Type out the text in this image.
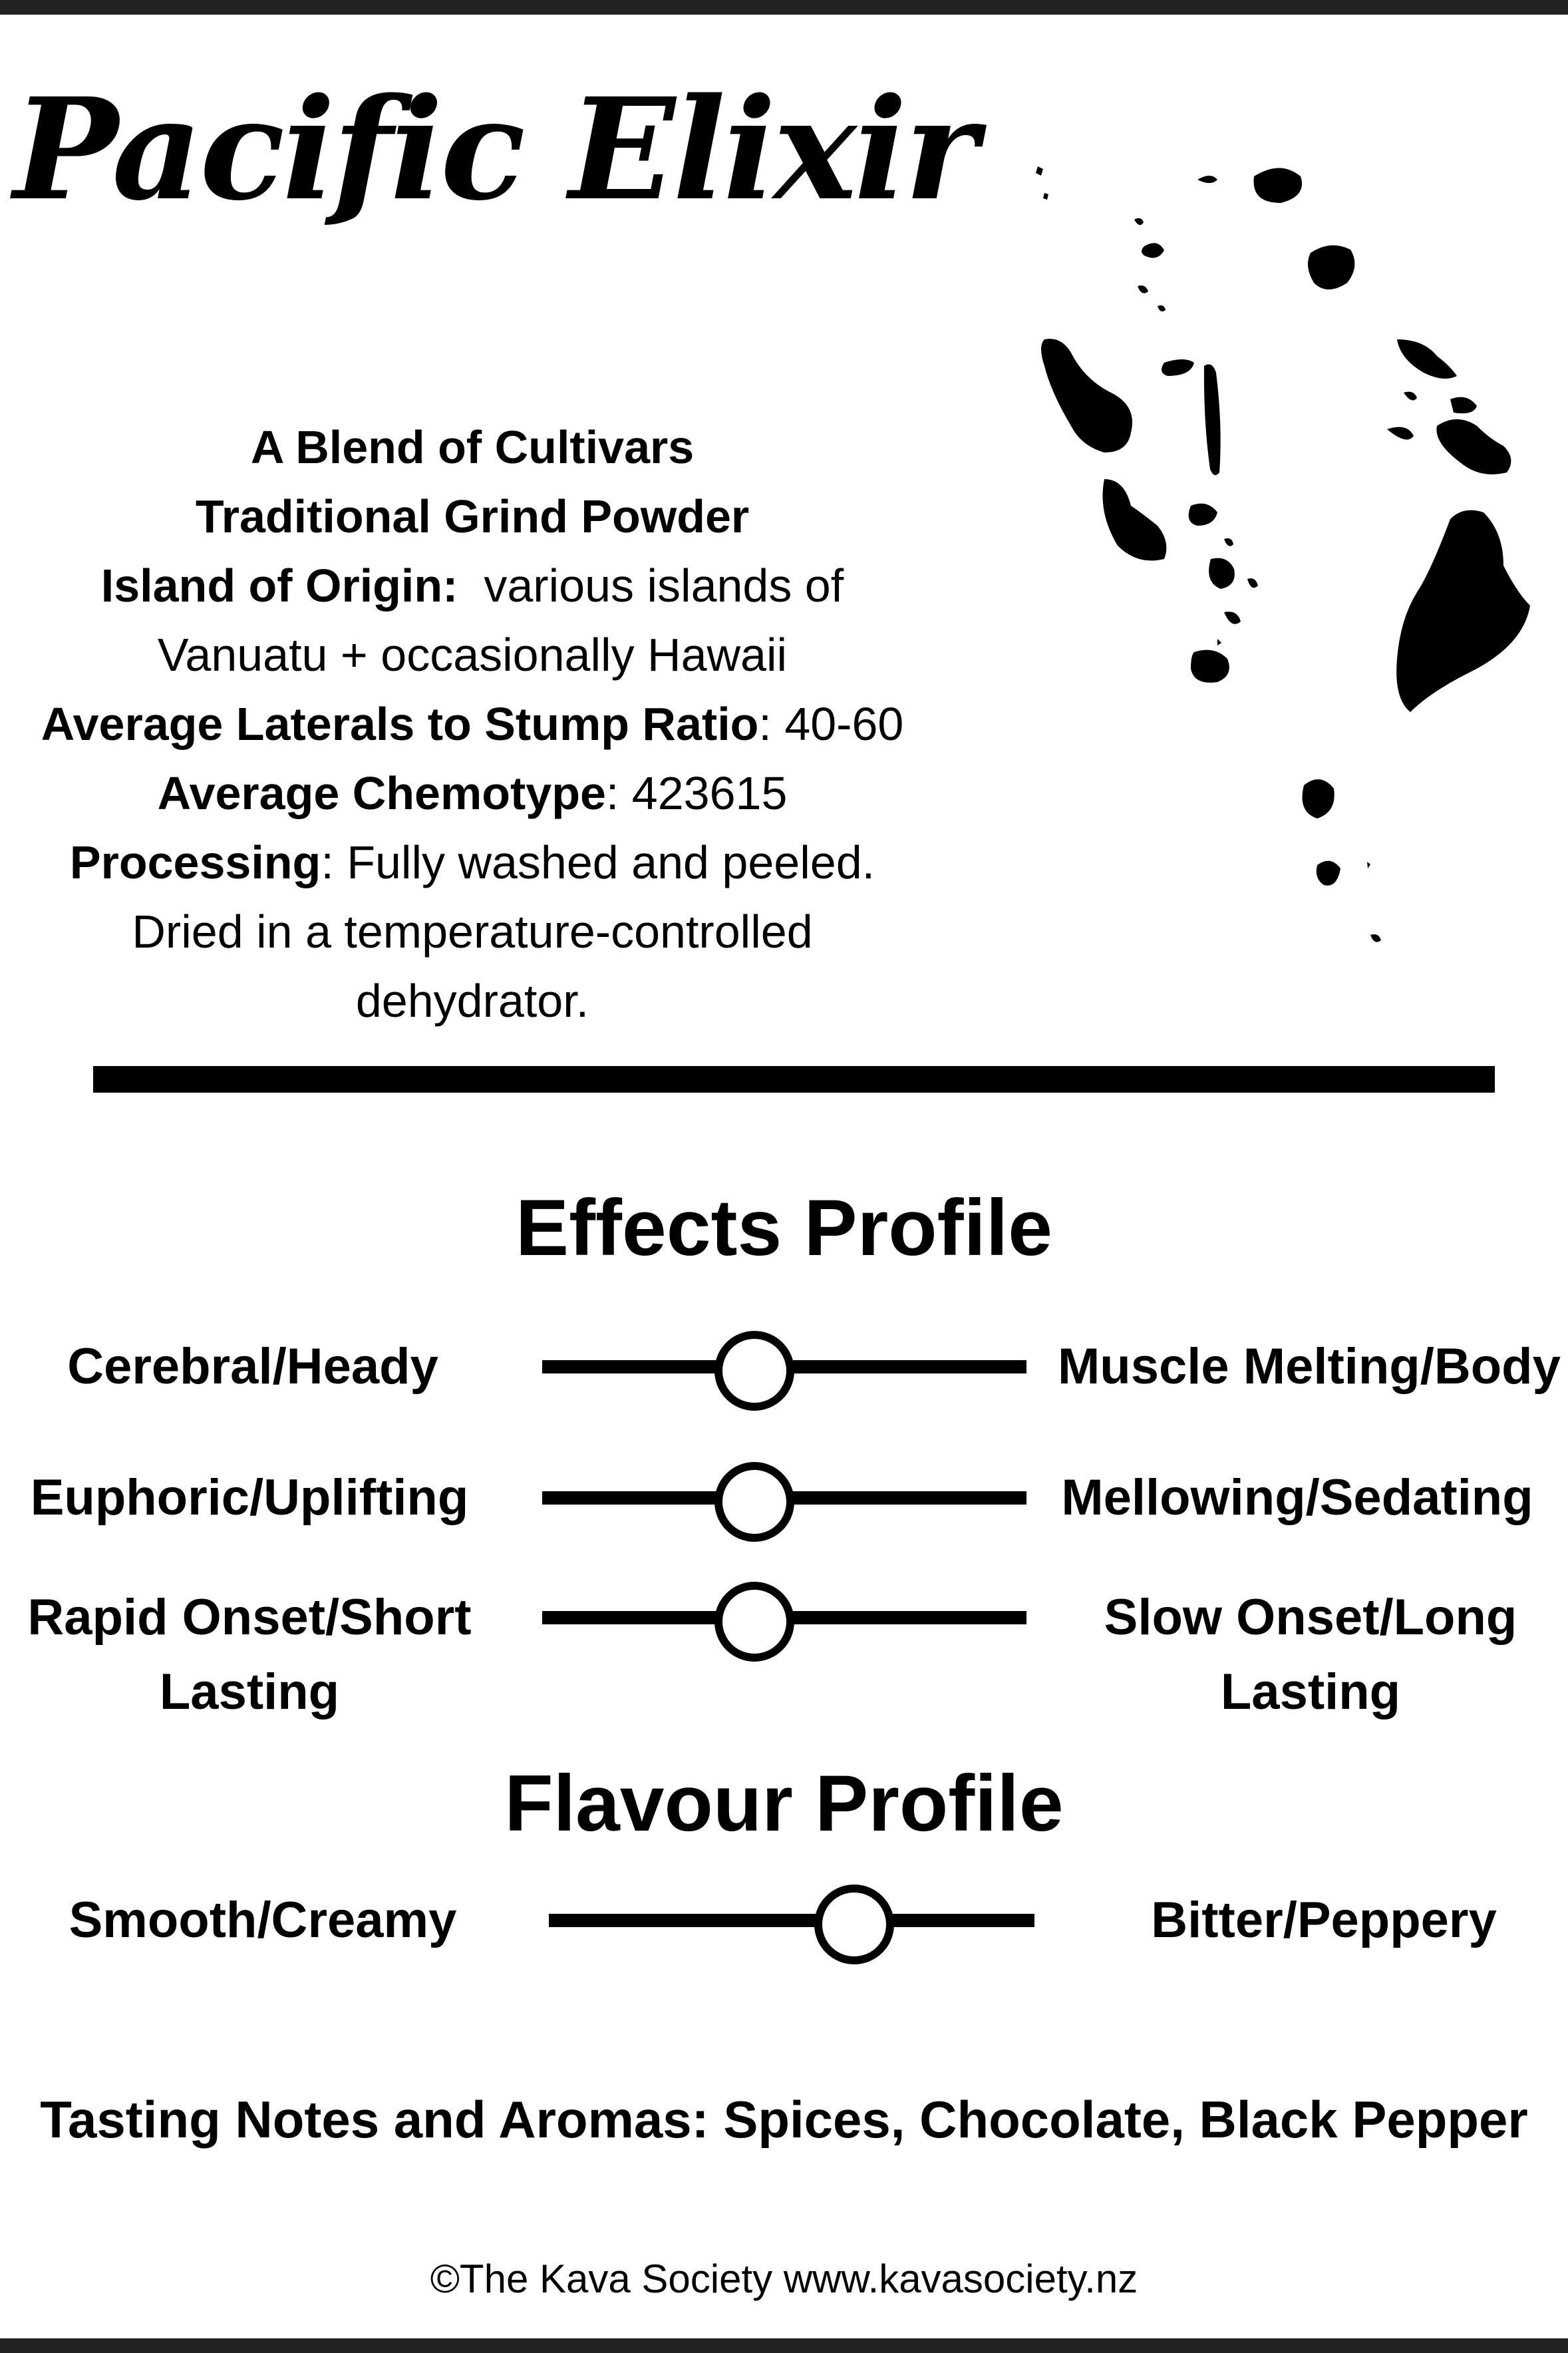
Pacific Elixir
A Blend of Cultivars
Traditional Grind Powder
Island of Origin: various islands of
Vanuatu + occasionally Hawaii
Average Laterals to Stump Ratio: 40-60
Average Chemotype: 423615
Processing: Fully washed and peeled.
Dried in a temperature-controlled
dehydrator.
Effects Profile
Cerebral/Heady	Muscle Melting/Body
Euphoric/Uplifting	Mellowing/Sedating
Rapid Onset/Short
Lasting
Slow Onset/Long
Lasting
Flavour Profile
Smooth/Creamy	Bitter/Peppery
Tasting Notes and Aromas: Spices, Chocolate, Black Pepper
©The Kava Society www.kavasociety.nz
